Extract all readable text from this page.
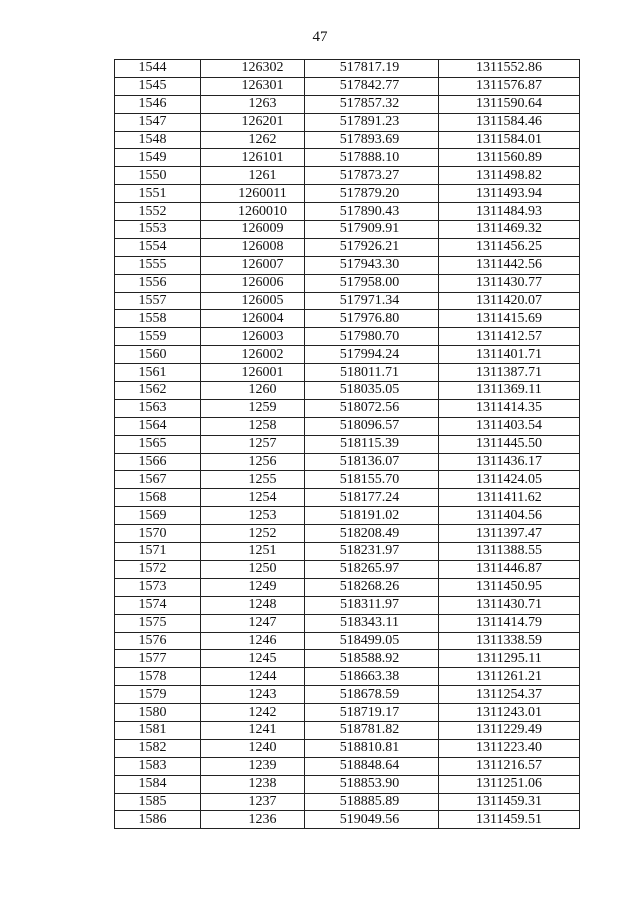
47
1544	126302	517817.19	1311552.86
1545	126301	517842.77	1311576.87
1546	1263	517857.32	1311590.64
1547	126201	517891.23	1311584.46
1548	1262	517893.69	1311584.01
1549	126101	517888.10	1311560.89
1550	1261	517873.27	1311498.82
1551	1260011	517879.20	1311493.94
1552	1260010	517890.43	1311484.93
1553	126009	517909.91	1311469.32
1554	126008	517926.21	1311456.25
1555	126007	517943.30	1311442.56
1556	126006	517958.00	1311430.77
1557	126005	517971.34	1311420.07
1558	126004	517976.80	1311415.69
1559	126003	517980.70	1311412.57
1560	126002	517994.24	1311401.71
1561	126001	518011.71	1311387.71
1562	1260	518035.05	1311369.11
1563	1259	518072.56	1311414.35
1564	1258	518096.57	1311403.54
1565	1257	518115.39	1311445.50
1566	1256	518136.07	1311436.17
1567	1255	518155.70	1311424.05
1568	1254	518177.24	1311411.62
1569	1253	518191.02	1311404.56
1570	1252	518208.49	1311397.47
1571	1251	518231.97	1311388.55
1572	1250	518265.97	1311446.87
1573	1249	518268.26	1311450.95
1574	1248	518311.97	1311430.71
1575	1247	518343.11	1311414.79
1576	1246	518499.05	1311338.59
1577	1245	518588.92	1311295.11
1578	1244	518663.38	1311261.21
1579	1243	518678.59	1311254.37
1580	1242	518719.17	1311243.01
1581	1241	518781.82	1311229.49
1582	1240	518810.81	1311223.40
1583	1239	518848.64	1311216.57
1584	1238	518853.90	1311251.06
1585	1237	518885.89	1311459.31
1586	1236	519049.56	1311459.51
